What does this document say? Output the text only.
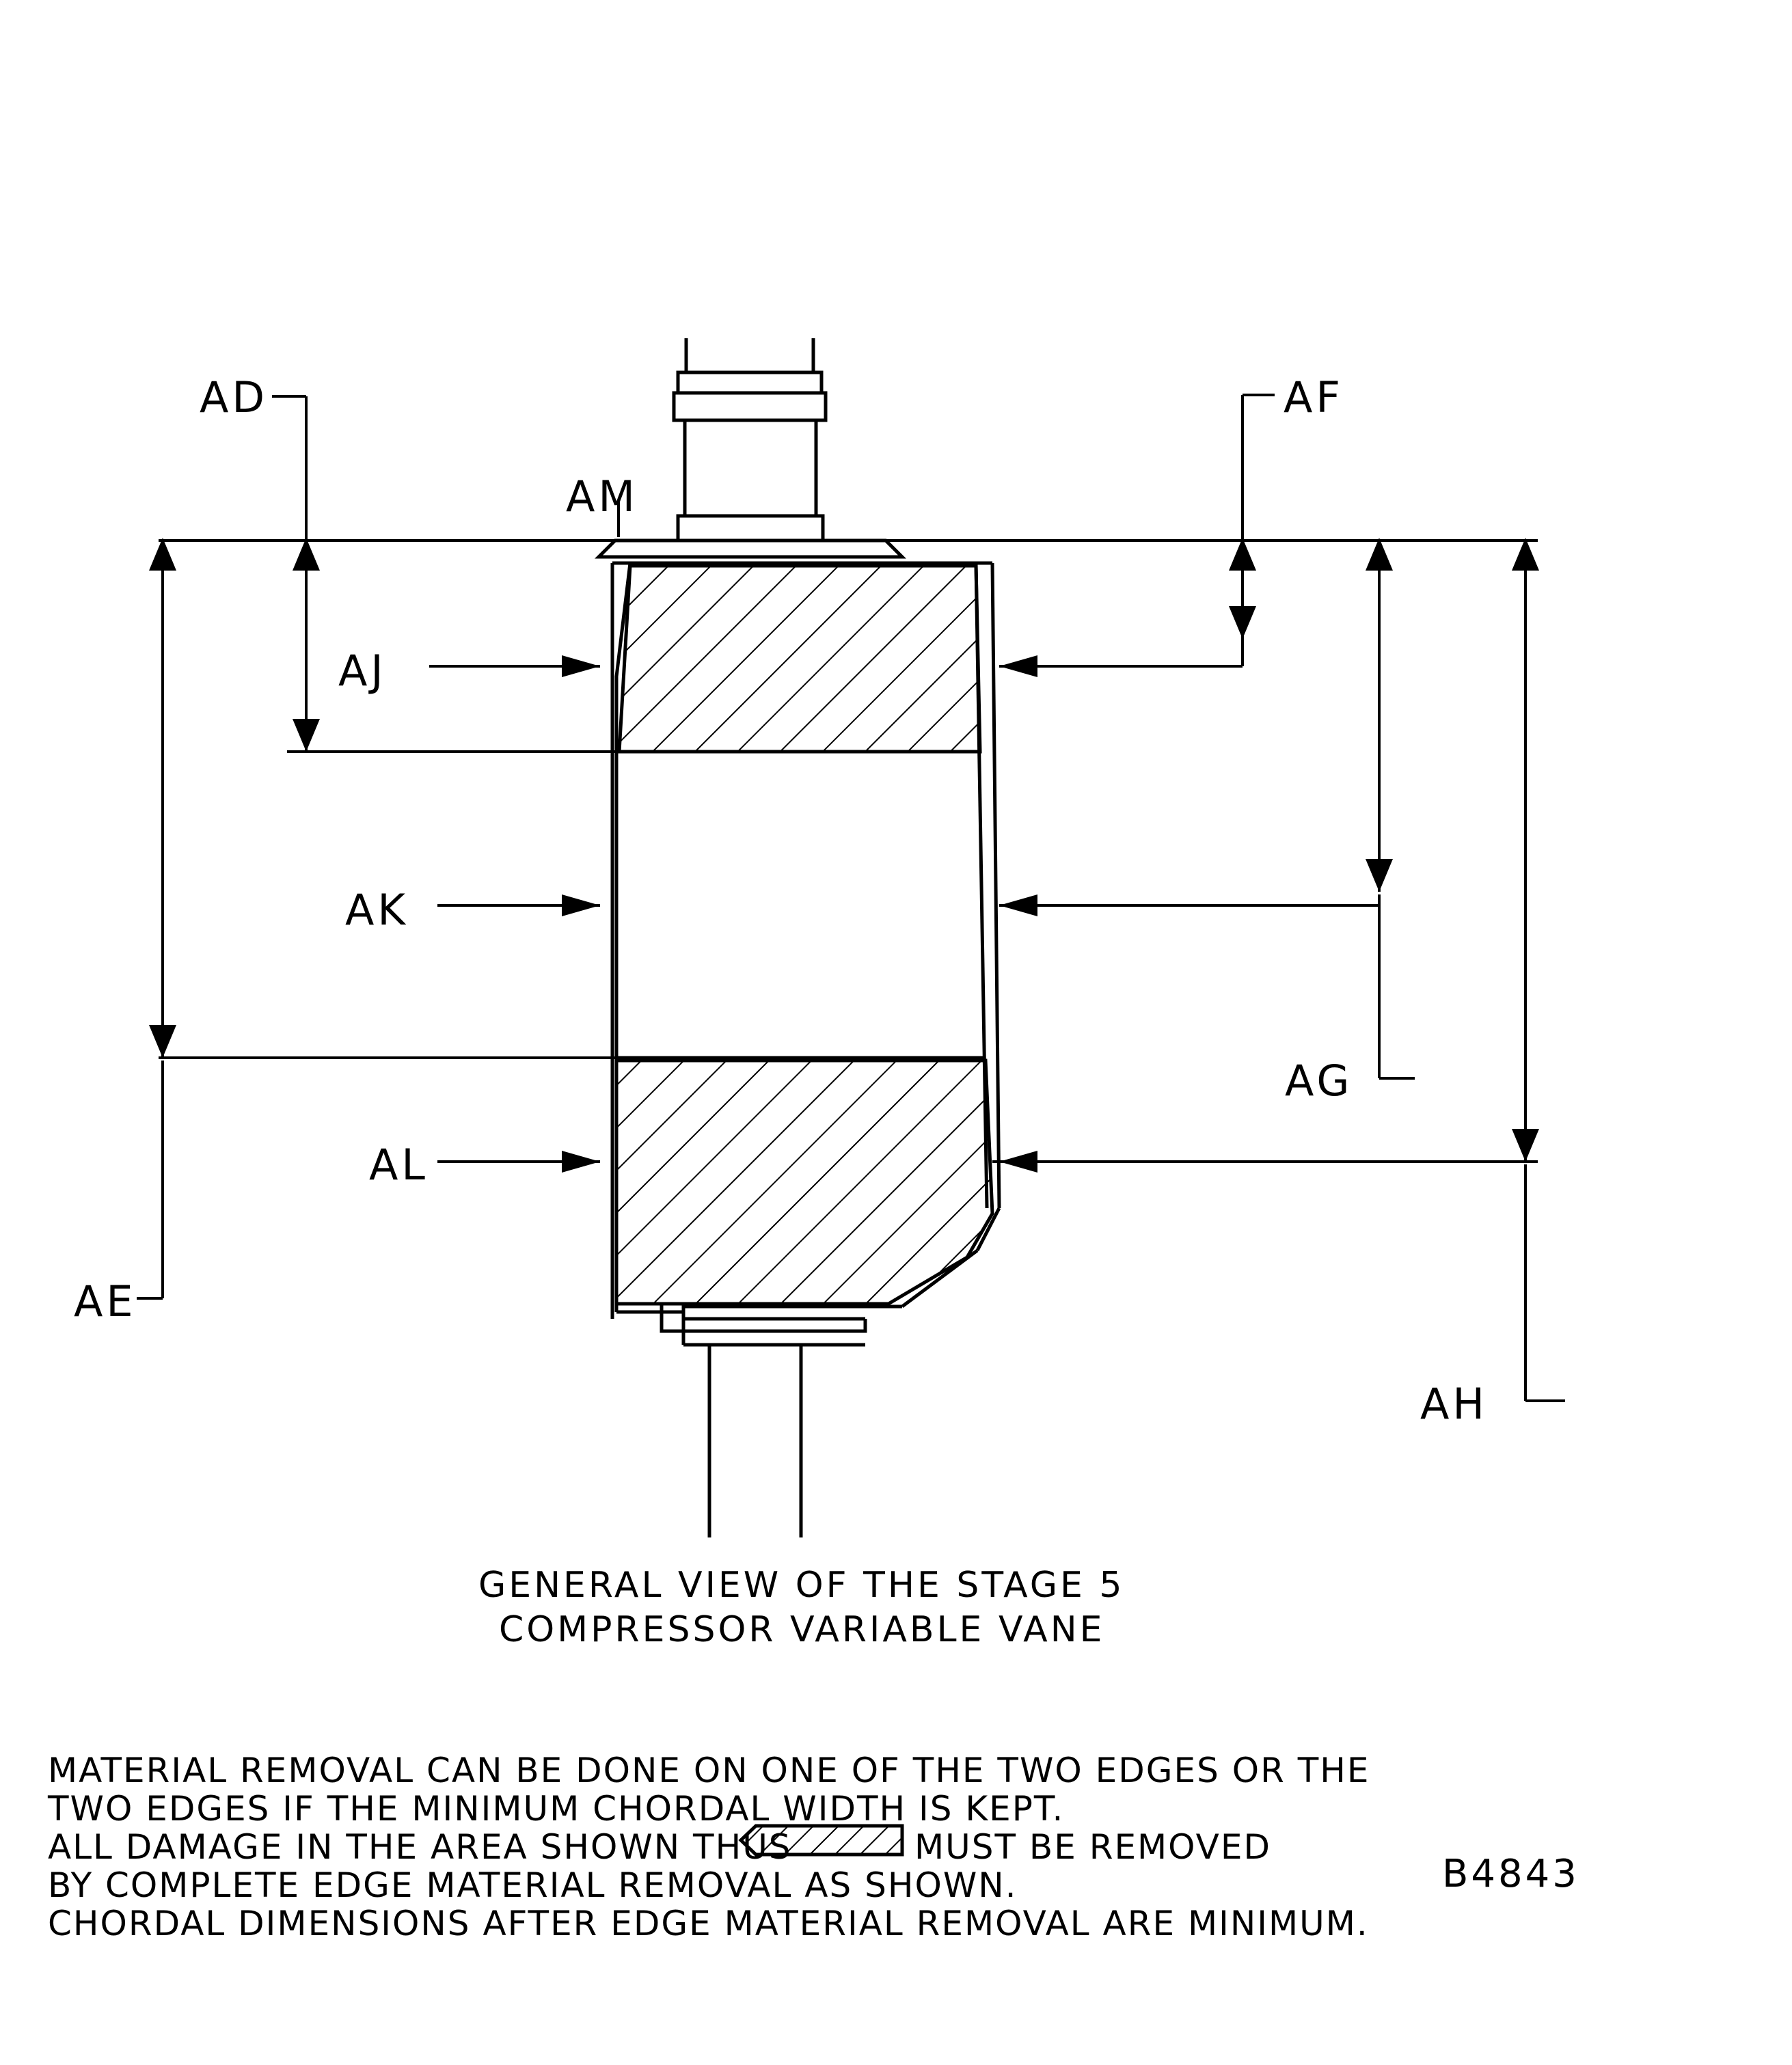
AD
AM
AF
AJ
AK
AG
AL
AE
AH
GENERAL VIEW OF THE STAGE 5
COMPRESSOR VARIABLE VANE
MATERIAL REMOVAL CAN BE DONE ON ONE OF THE TWO EDGES OR THE
TWO EDGES IF THE MINIMUM CHORDAL WIDTH IS KEPT.
ALL DAMAGE IN THE AREA SHOWN THUS	MUST BE REMOVED
BY COMPLETE EDGE MATERIAL REMOVAL AS SHOWN.
CHORDAL DIMENSIONS AFTER EDGE MATERIAL REMOVAL ARE MINIMUM.
B4843
